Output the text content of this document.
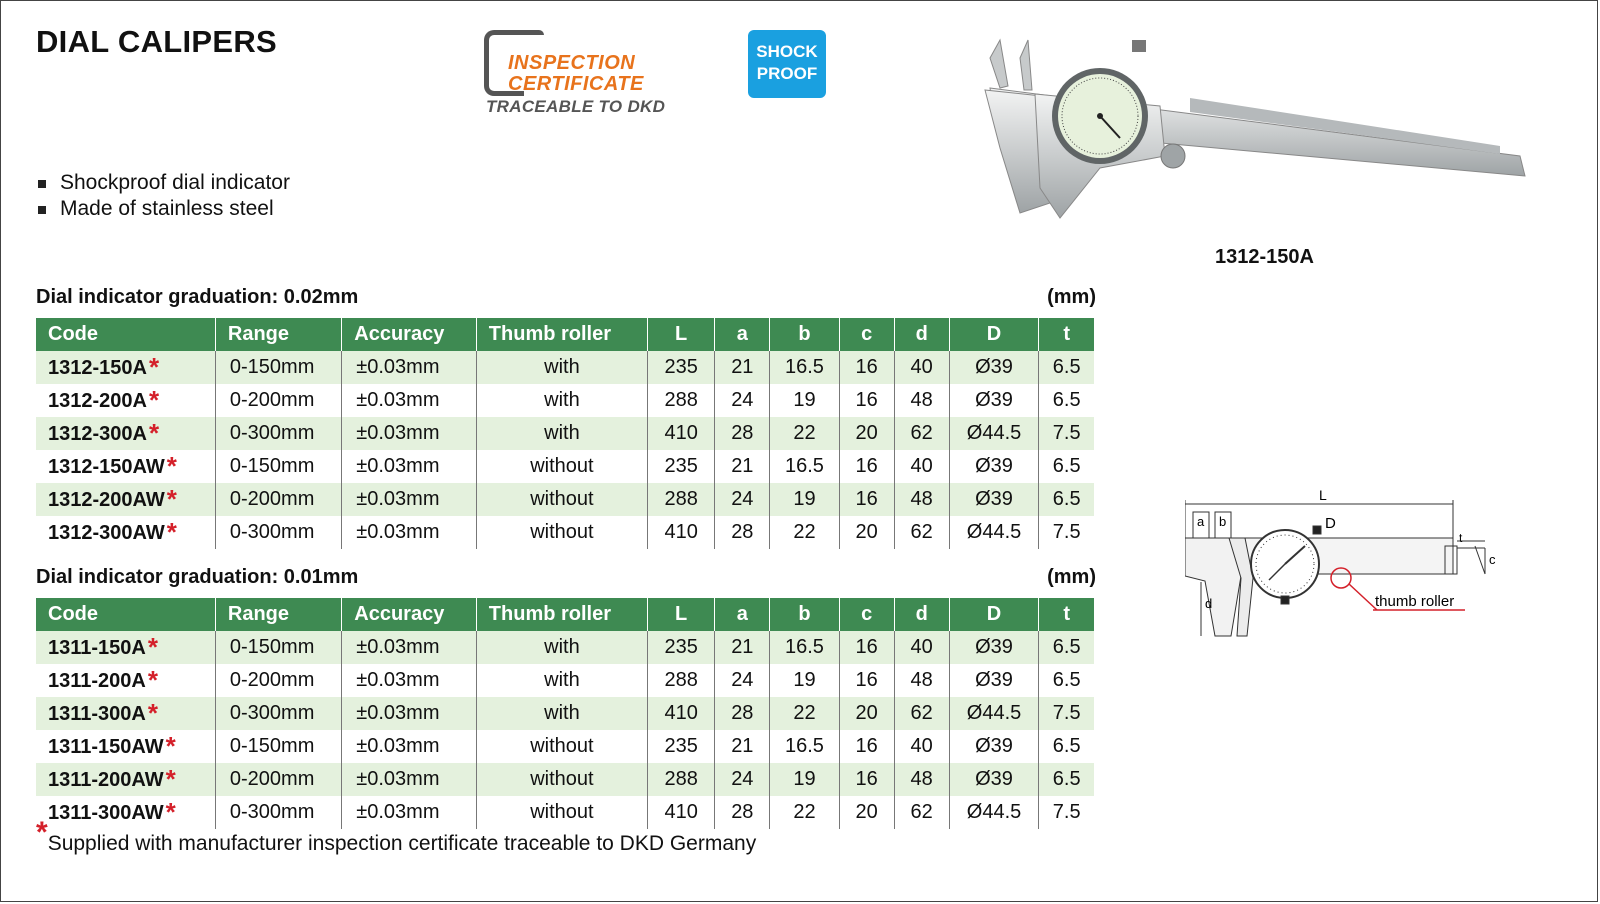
DIAL CALIPERS
INSPECTION
CERTIFICATE
TRACEABLE TO DKD
SHOCK
PROOF
Shockproof dial indicator
Made of stainless steel
1312-150A
Dial indicator graduation: 0.02mm	(mm)
Code	Range	Accuracy	Thumb roller	L	a	b	c	d	D	t
1312-150A*	0-150mm	±0.03mm	with	235	21	16.5	16	40	Ø39	6.5
1312-200A*	0-200mm	±0.03mm	with	288	24	19	16	48	Ø39	6.5
1312-300A*	0-300mm	±0.03mm	with	410	28	22	20	62	Ø44.5	7.5
1312-150AW*	0-150mm	±0.03mm	without	235	21	16.5	16	40	Ø39	6.5
1312-200AW*	0-200mm	±0.03mm	without	288	24	19	16	48	Ø39	6.5
1312-300AW*	0-300mm	±0.03mm	without	410	28	22	20	62	Ø44.5	7.5
Dial indicator graduation: 0.01mm	(mm)
Code	Range	Accuracy	Thumb roller	L	a	b	c	d	D	t
1311-150A*	0-150mm	±0.03mm	with	235	21	16.5	16	40	Ø39	6.5
1311-200A*	0-200mm	±0.03mm	with	288	24	19	16	48	Ø39	6.5
1311-300A*	0-300mm	±0.03mm	with	410	28	22	20	62	Ø44.5	7.5
1311-150AW*	0-150mm	±0.03mm	without	235	21	16.5	16	40	Ø39	6.5
1311-200AW*	0-200mm	±0.03mm	without	288	24	19	16	48	Ø39	6.5
1311-300AW*	0-300mm	±0.03mm	without	410	28	22	20	62	Ø44.5	7.5
L
a b
c
d
D
t
thumb roller
*Supplied with manufacturer inspection certificate traceable to DKD Germany
